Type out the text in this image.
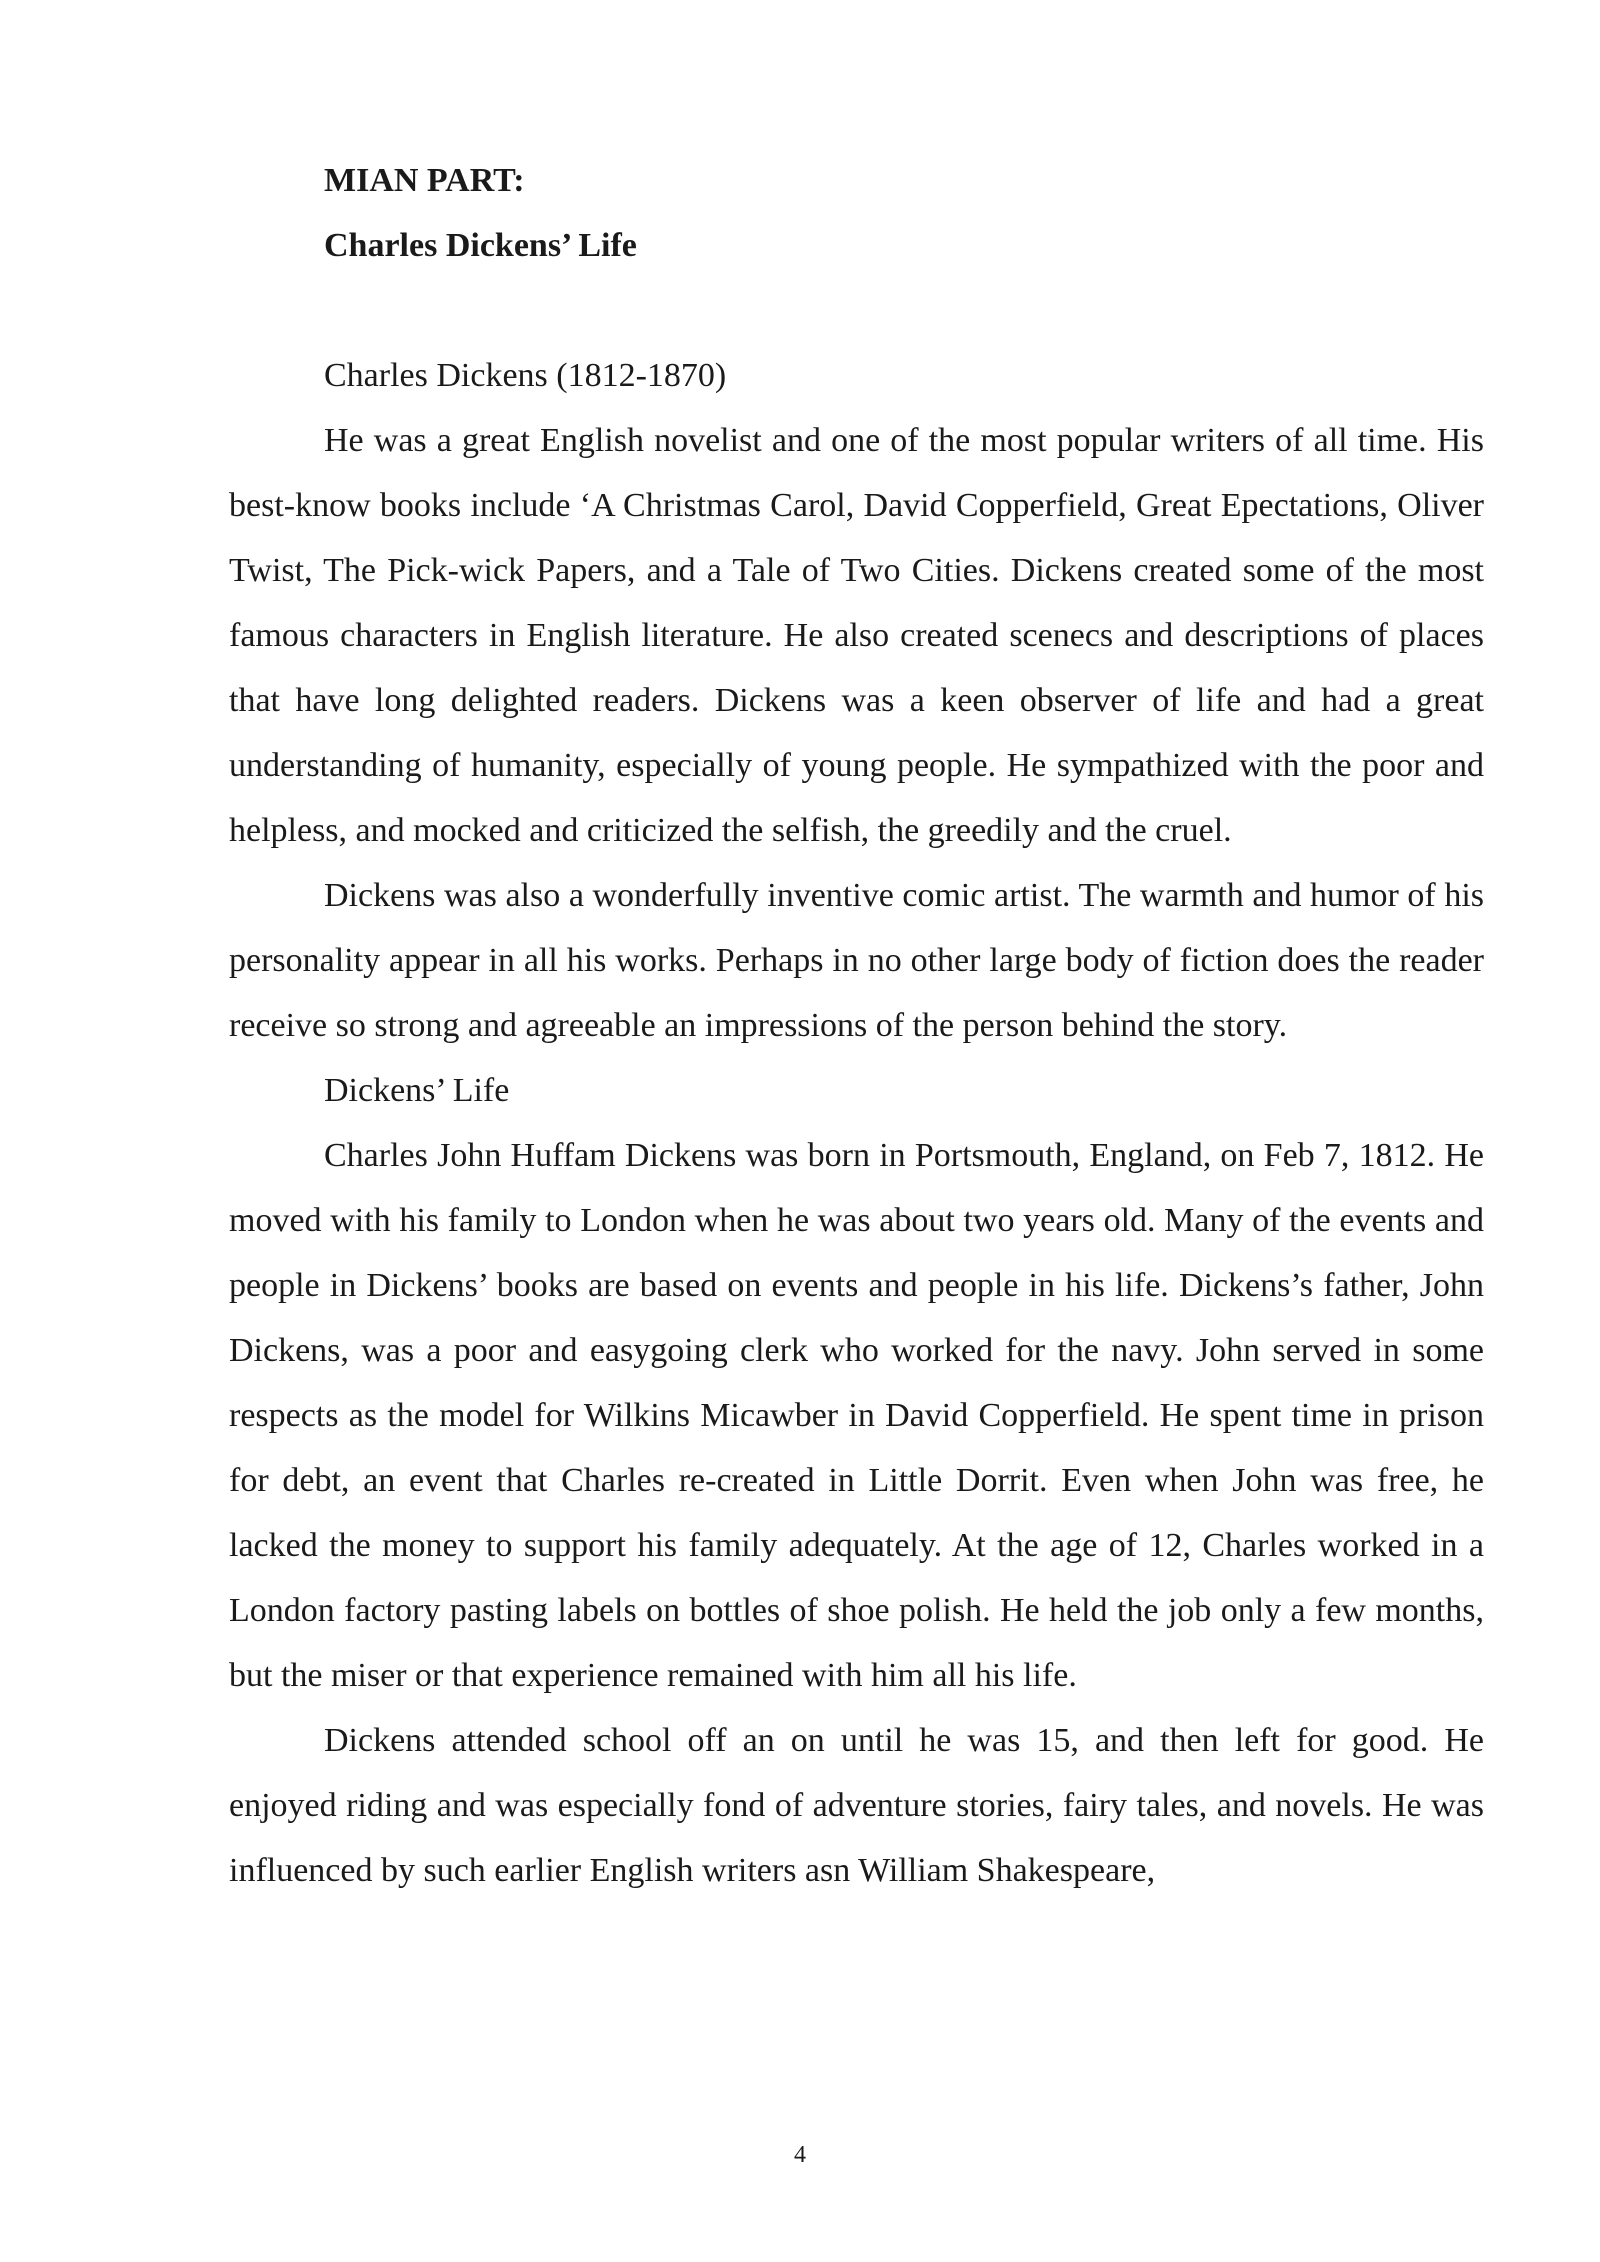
MIAN PART:
Charles Dickens’ Life

Charles Dickens (1812-1870)

He was a great English novelist and one of the most popular writers of all time. His best-know books include ‘A Christmas Carol, David Copperfield, Great Epectations, Oliver Twist, The Pick-wick Papers, and a Tale of Two Cities. Dickens created some of the most famous characters in English literature. He also created scenecs and descriptions of places that have long delighted readers. Dickens was a keen observer of life and had a great understanding of humanity, especially of young people. He sympathized with the poor and helpless, and mocked and criticized the selfish, the greedily and the cruel.

Dickens was also a wonderfully inventive comic artist. The warmth and humor of his personality appear in all his works. Perhaps in no other large body of fiction does the reader receive so strong and agreeable an impressions of the person behind the story.

Dickens’ Life

Charles John Huffam Dickens was born in Portsmouth, England, on Feb 7, 1812. He moved with his family to London when he was about two years old. Many of the events and people in Dickens’ books are based on events and people in his life. Dickens’s father, John Dickens, was a poor and easygoing clerk who worked for the navy. John served in some respects as the model for Wilkins Micawber in David Copperfield. He spent time in prison for debt, an event that Charles re-created in Little Dorrit. Even when John was free, he lacked the money to support his family adequately. At the age of 12, Charles worked in a London factory pasting labels on bottles of shoe polish. He held the job only a few months, but the miser or that experience remained with him all his life.

Dickens attended school off an on until he was 15, and then left for good. He enjoyed riding and was especially fond of adventure stories, fairy tales, and novels. He was influenced by such earlier English writers asn William Shakespeare,

4
